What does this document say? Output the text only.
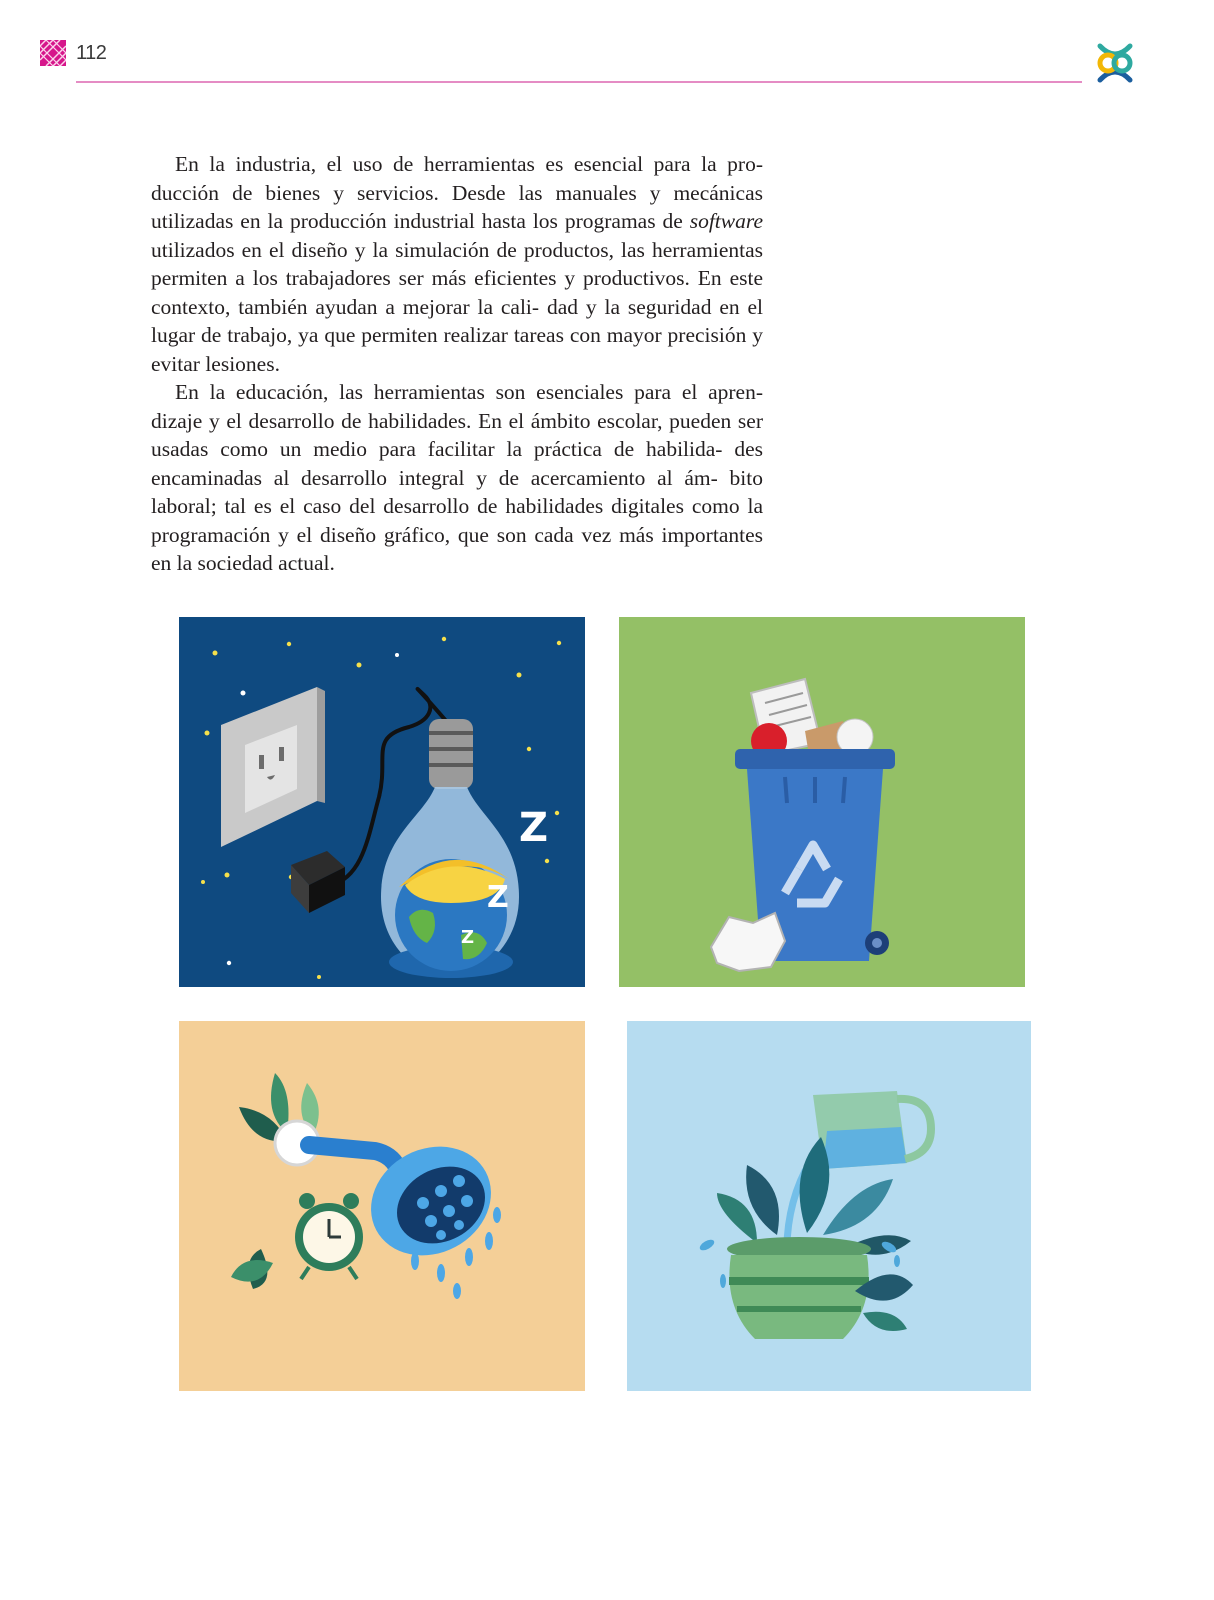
112

En la industria, el uso de herramientas es esencial para la pro- ducción de bienes y servicios. Desde las manuales y mecánicas utilizadas en la producción industrial hasta los programas de software utilizados en el diseño y la simulación de productos, las herramientas permiten a los trabajadores ser más eficientes y productivos. En este contexto, también ayudan a mejorar la cali- dad y la seguridad en el lugar de trabajo, ya que permiten realizar tareas con mayor precisión y evitar lesiones.

En la educación, las herramientas son esenciales para el apren- dizaje y el desarrollo de habilidades. En el ámbito escolar, pueden ser usadas como un medio para facilitar la práctica de habilida- des encaminadas al desarrollo integral y de acercamiento al ám- bito laboral; tal es el caso del desarrollo de habilidades digitales como la programación y el diseño gráfico, que son cada vez más importantes en la sociedad actual.

Z
Z
Z
